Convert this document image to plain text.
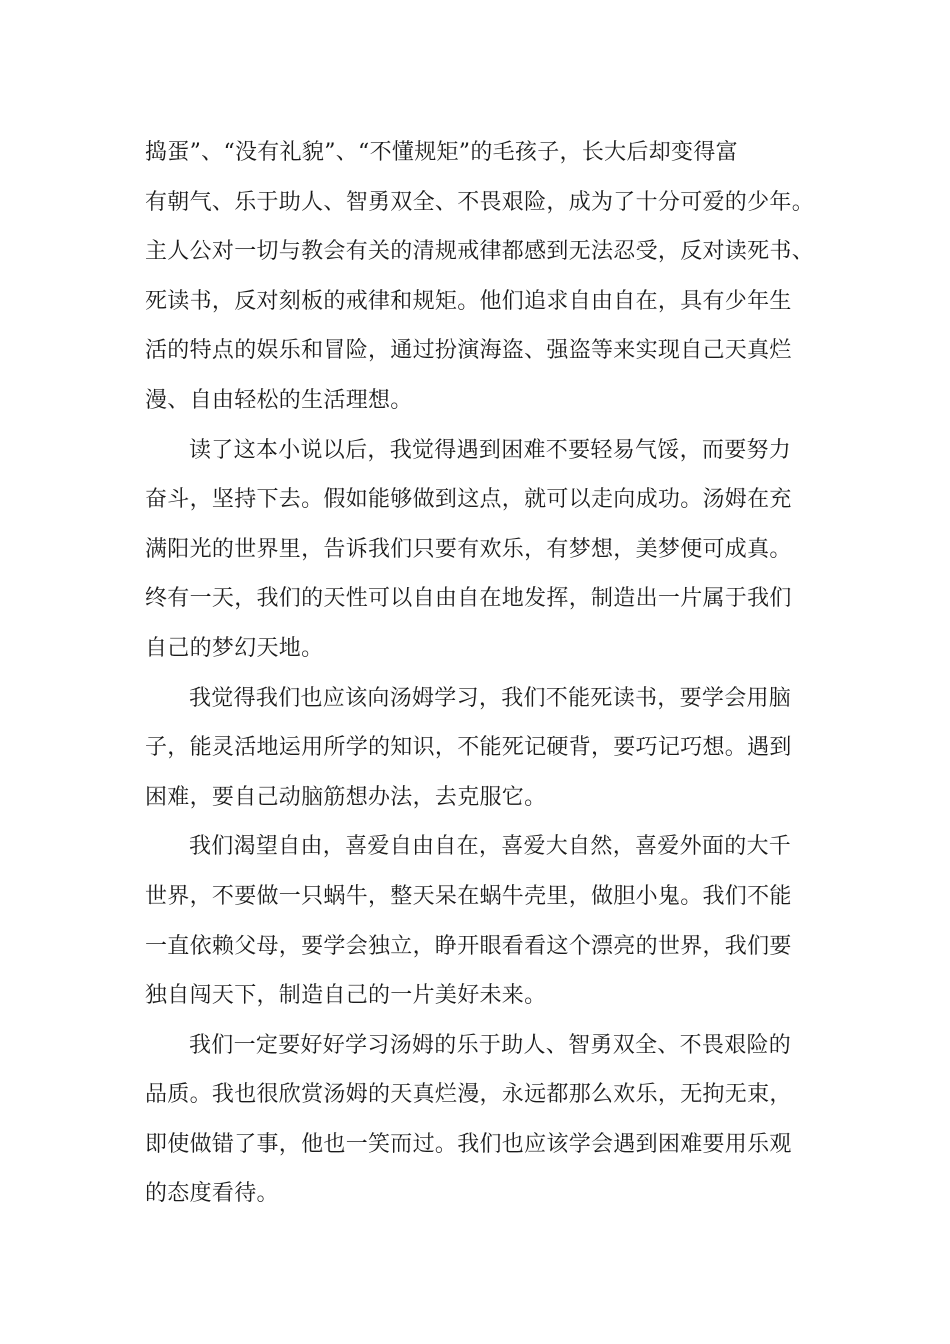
捣蛋”、“没有礼貌”、“不懂规矩”的毛孩子，长大后却变得富
有朝气、乐于助人、智勇双全、不畏艰险，成为了十分可爱的少年。
主人公对一切与教会有关的清规戒律都感到无法忍受，反对读死书、
死读书，反对刻板的戒律和规矩。他们追求自由自在，具有少年生
活的特点的娱乐和冒险，通过扮演海盗、强盗等来实现自己天真烂
漫、自由轻松的生活理想。
读了这本小说以后，我觉得遇到困难不要轻易气馁，而要努力
奋斗，坚持下去。假如能够做到这点，就可以走向成功。汤姆在充
满阳光的世界里，告诉我们只要有欢乐，有梦想，美梦便可成真。
终有一天，我们的天性可以自由自在地发挥，制造出一片属于我们
自己的梦幻天地。
我觉得我们也应该向汤姆学习，我们不能死读书，要学会用脑
子，能灵活地运用所学的知识，不能死记硬背，要巧记巧想。遇到
困难，要自己动脑筋想办法，去克服它。
我们渴望自由，喜爱自由自在，喜爱大自然，喜爱外面的大千
世界，不要做一只蜗牛，整天呆在蜗牛壳里，做胆小鬼。我们不能
一直依赖父母，要学会独立，睁开眼看看这个漂亮的世界，我们要
独自闯天下，制造自己的一片美好未来。
我们一定要好好学习汤姆的乐于助人、智勇双全、不畏艰险的
品质。我也很欣赏汤姆的天真烂漫，永远都那么欢乐，无拘无束，
即使做错了事，他也一笑而过。我们也应该学会遇到困难要用乐观
的态度看待。
